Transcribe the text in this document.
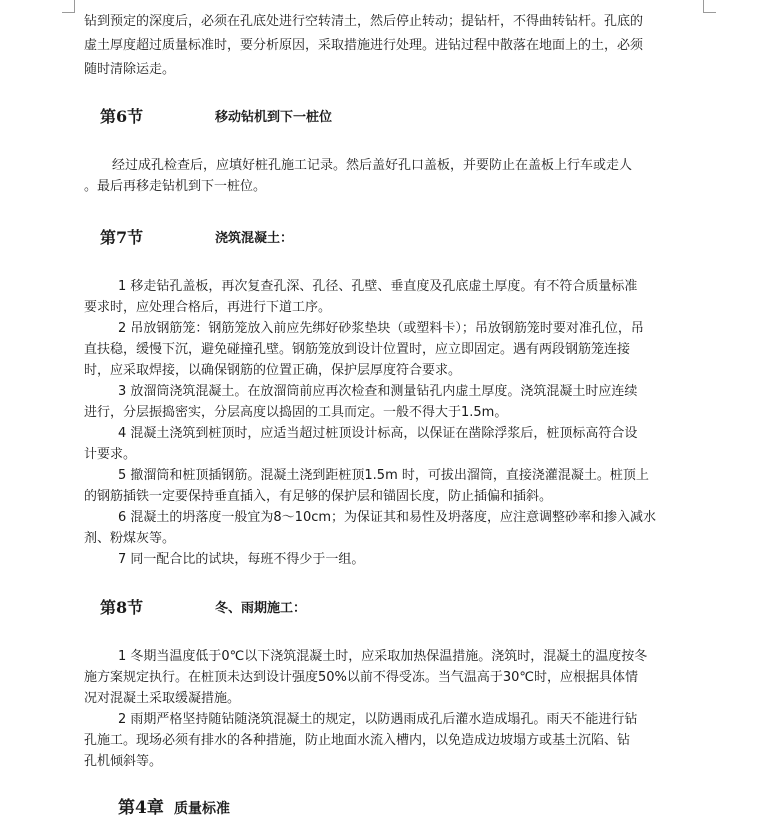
钻到预定的深度后，必须在孔底处进行空转清土，然后停止转动；提钻杆，不得曲转钻杆。孔底的
虚土厚度超过质量标准时，要分析原因，采取措施进行处理。进钻过程中散落在地面上的土，必须
随时清除运走。
第6节	移动钻机到下一桩位
经过成孔检查后，应填好桩孔施工记录。然后盖好孔口盖板，并要防止在盖板上行车或走人
。最后再移走钻机到下一桩位。
第7节	浇筑混凝土：
1 移走钻孔盖板，再次复查孔深、孔径、孔壁、垂直度及孔底虚土厚度。有不符合质量标准
要求时，应处理合格后，再进行下道工序。
2 吊放钢筋笼：钢筋笼放入前应先绑好砂浆垫块（或塑料卡）；吊放钢筋笼时要对准孔位，吊
直扶稳，缓慢下沉，避免碰撞孔壁。钢筋笼放到设计位置时，应立即固定。遇有两段钢筋笼连接
时，应采取焊接，以确保钢筋的位置正确，保护层厚度符合要求。
3 放溜筒浇筑混凝土。在放溜筒前应再次检查和测量钻孔内虚土厚度。浇筑混凝土时应连续
进行，分层振捣密实，分层高度以捣固的工具而定。一般不得大于1.5m。
4 混凝土浇筑到桩顶时，应适当超过桩顶设计标高，以保证在凿除浮浆后，桩顶标高符合设
计要求。
5 撤溜筒和桩顶插钢筋。混凝土浇到距桩顶1.5m 时，可拔出溜筒，直接浇灌混凝土。桩顶上
的钢筋插铁一定要保持垂直插入，有足够的保护层和锚固长度，防止插偏和插斜。
6 混凝土的坍落度一般宜为8～10cm；为保证其和易性及坍落度，应注意调整砂率和掺入减水
剂、粉煤灰等。
7 同一配合比的试块，每班不得少于一组。
第8节	冬、雨期施工：
1 冬期当温度低于0℃以下浇筑混凝土时，应采取加热保温措施。浇筑时，混凝土的温度按冬
施方案规定执行。在桩顶未达到设计强度50%以前不得受冻。当气温高于30℃时，应根据具体情
况对混凝土采取缓凝措施。
2 雨期严格坚持随钻随浇筑混凝土的规定，以防遇雨成孔后灌水造成塌孔。雨天不能进行钻
孔施工。现场必须有排水的各种措施，防止地面水流入槽内，以免造成边坡塌方或基土沉陷、钻
孔机倾斜等。
第4章 质量标准
